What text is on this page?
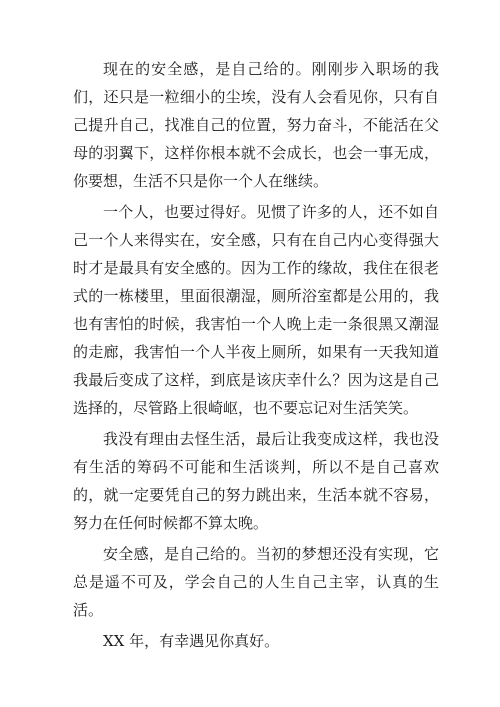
现在的安全感，是自己给的。刚刚步入职场的我们，还只是一粒细小的尘埃，没有人会看见你，只有自己提升自己，找准自己的位置，努力奋斗，不能活在父母的羽翼下，这样你根本就不会成长，也会一事无成，你要想，生活不只是你一个人在继续。

一个人，也要过得好。见惯了许多的人，还不如自己一个人来得实在，安全感，只有在自己内心变得强大时才是最具有安全感的。因为工作的缘故，我住在很老式的一栋楼里，里面很潮湿，厕所浴室都是公用的，我也有害怕的时候，我害怕一个人晚上走一条很黑又潮湿的走廊，我害怕一个人半夜上厕所，如果有一天我知道我最后变成了这样，到底是该庆幸什么？因为这是自己选择的，尽管路上很崎岖，也不要忘记对生活笑笑。

我没有理由去怪生活，最后让我变成这样，我也没有生活的筹码不可能和生活谈判，所以不是自己喜欢的，就一定要凭自己的努力跳出来，生活本就不容易，努力在任何时候都不算太晚。

安全感，是自己给的。当初的梦想还没有实现，它总是遥不可及，学会自己的人生自己主宰，认真的生活。

XX 年，有幸遇见你真好。
